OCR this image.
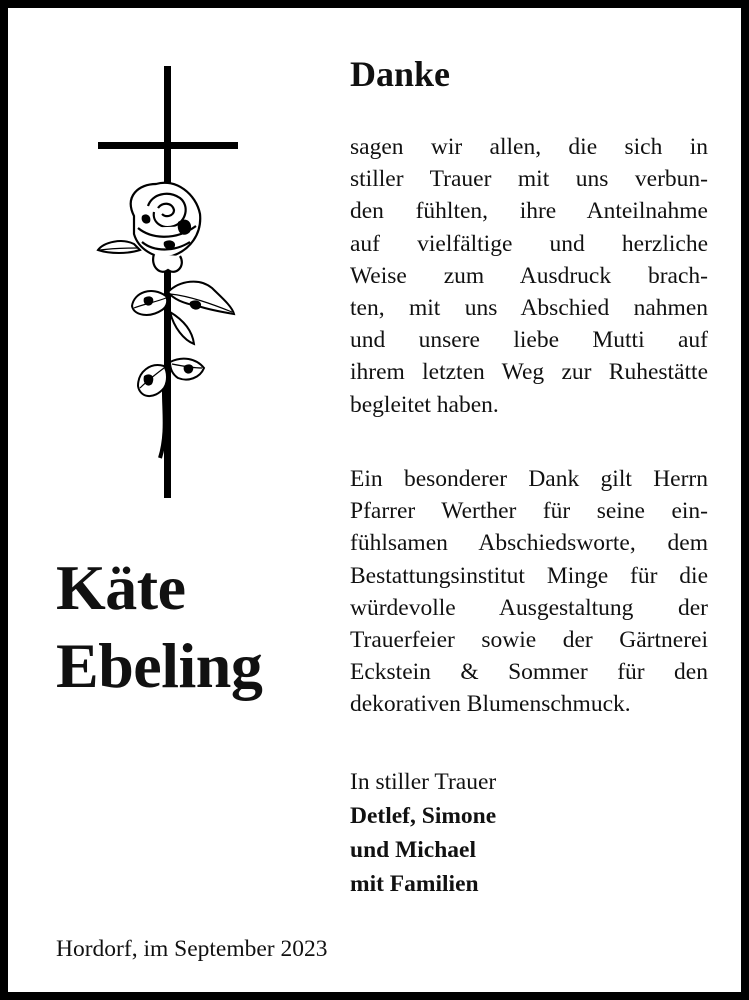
Käte
Ebeling
Danke
sagen wir allen, die sich in
stiller Trauer mit uns verbun-
den fühlten, ihre Anteilnahme
auf vielfältige und herzliche
Weise zum Ausdruck brach-
ten, mit uns Abschied nahmen
und unsere liebe Mutti auf
ihrem letzten Weg zur Ruhestätte
begleitet haben.
Ein besonderer Dank gilt Herrn
Pfarrer Werther für seine ein-
fühlsamen Abschiedsworte, dem
Bestattungsinstitut Minge für die
würdevolle Ausgestaltung der
Trauerfeier sowie der Gärtnerei
Eckstein & Sommer für den
dekorativen Blumenschmuck.
In stiller Trauer
Detlef, Simone
und Michael
mit Familien
Hordorf, im September 2023
